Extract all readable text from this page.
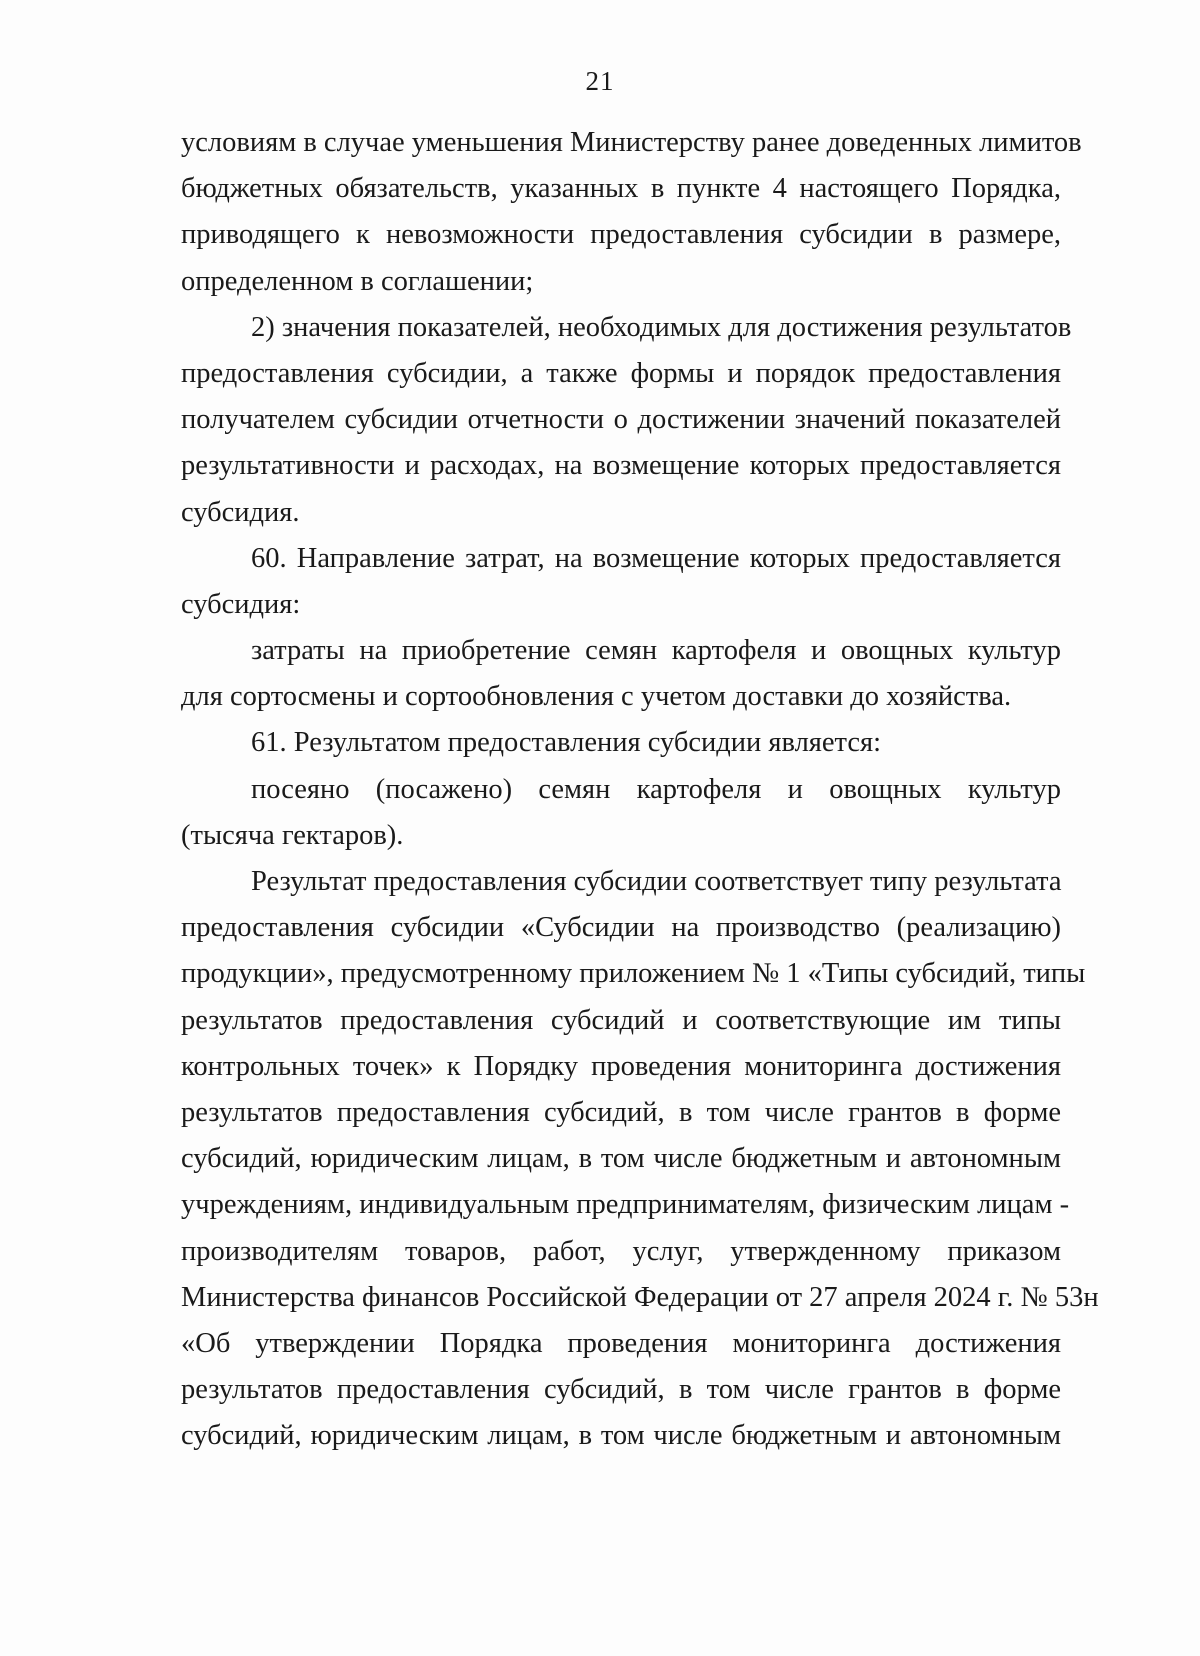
21
условиям в случае уменьшения Министерству ранее доведенных лимитов
бюджетных обязательств, указанных в пункте 4 настоящего Порядка,
приводящего к невозможности предоставления субсидии в размере,
определенном в соглашении;
2) значения показателей, необходимых для достижения результатов
предоставления субсидии, а также формы и порядок предоставления
получателем субсидии отчетности о достижении значений показателей
результативности и расходах, на возмещение которых предоставляется
субсидия.
60. Направление затрат, на возмещение которых предоставляется
субсидия:
затраты на приобретение семян картофеля и овощных культур
для сортосмены и сортообновления с учетом доставки до хозяйства.
61. Результатом предоставления субсидии является:
посеяно (посажено) семян картофеля и овощных культур
(тысяча гектаров).
Результат предоставления субсидии соответствует типу результата
предоставления субсидии «Субсидии на производство (реализацию)
продукции», предусмотренному приложением № 1 «Типы субсидий, типы
результатов предоставления субсидий и соответствующие им типы
контрольных точек» к Порядку проведения мониторинга достижения
результатов предоставления субсидий, в том числе грантов в форме
субсидий, юридическим лицам, в том числе бюджетным и автономным
учреждениям, индивидуальным предпринимателям, физическим лицам -
производителям товаров, работ, услуг, утвержденному приказом
Министерства финансов Российской Федерации от 27 апреля 2024 г. № 53н
«Об утверждении Порядка проведения мониторинга достижения
результатов предоставления субсидий, в том числе грантов в форме
субсидий, юридическим лицам, в том числе бюджетным и автономным
